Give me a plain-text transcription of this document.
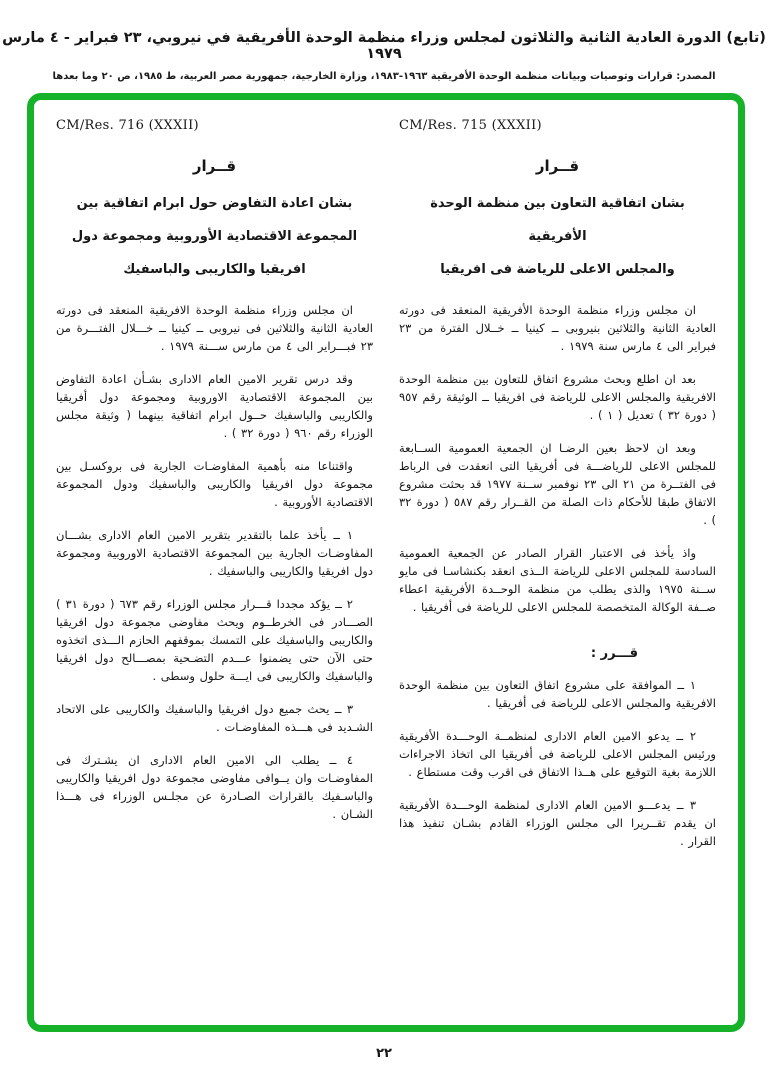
(تابع) الدورة العادية الثانية والثلاثون لمجلس وزراء منظمة الوحدة الأفريقية في نيروبي، ٢٣ فبراير - ٤ مارس ١٩٧٩
المصدر: قرارات وتوصيات وبيانات منظمة الوحدة الأفريقية ١٩٦٣-١٩٨٣، وزارة الخارجية، جمهورية مصر العربية، ط ١٩٨٥، ص ٢٠ وما بعدها
CM/Res. 715 (XXXII)
قــرار
بشان اتفاقية التعاون بين منظمة الوحدة الأفريقية
والمجلس الاعلى للرياضة فى افريقيا
ان مجلس وزراء منظمة الوحدة الأفريقية المنعقد فى دورته العادية الثانية والثلاثين بنيروبى ــ كينيا ــ خــلال الفترة من ٢٣ فبراير الى ٤ مارس سنة ١٩٧٩ .
بعد ان اطلع وبحث مشروع اتفاق للتعاون بين منظمة الوحدة الافريقية والمجلس الاعلى للرياضة فى افريقيا ــ الوثيقة رقم ٩٥٧ ( دورة ٣٢ ) تعديل ( ١ ) .
وبعد ان لاحظ بعين الرضـا ان الجمعية العمومية الســابعة للمجلس الاعلى للرياضـــة فى أفريقيا التى انعقدت فى الرباط فى الفتــرة من ٢١ الى ٢٣ نوفمبر ســنة ١٩٧٧ قد بحثت مشروع الاتفاق طبقا للأحكام ذات الصلة من القــرار رقم ٥٨٧ ( دورة ٣٢ ) .
واذ يأخذ فى الاعتبار القرار الصادر عن الجمعية العمومية السادسة للمجلس الاعلى للرياضة الــذى انعقد بكنشاسـا فى مايو ســنة ١٩٧٥ والذى يطلب من منظمة الوحــدة الأفريقية اعطاء صــفة الوكالة المتخصصة للمجلس الاعلى للرياضة فى أفريقيا .
قـــرر :
١ ــ الموافقة على مشروع اتفاق التعاون بين منظمة الوحدة الافريقية والمجلس الاعلى للرياضة فى أفريقيا .
٢ ــ يدعو الامين العام الادارى لمنظمــة الوحـــدة الأفريقية ورئيس المجلس الاعلى للرياضة فى أفريقيا الى اتخاذ الاجراءات اللازمة بغية التوقيع على هــذا الاتفاق فى اقرب وقت مستطاع .
٣ ــ يدعـــو الامين العام الادارى لمنظمة الوحـــدة الأفريقية ان يقدم تقــريرا الى مجلس الوزراء القادم بشـان تنفيذ هذا القرار .
CM/Res. 716 (XXXII)
قــرار
بشان اعادة التفاوض حول ابرام اتفاقية بين
المجموعة الاقتصادية الأوروبية ومجموعة دول
افريقيا والكاريبى والباسفيك
ان مجلس وزراء منظمة الوحدة الافريقية المنعقد فى دورته العادية الثانية والثلاثين فى نيروبى ــ كينيا ــ خـــلال الفتـــرة من ٢٣ فبـــراير الى ٤ من مارس ســـنة ١٩٧٩ .
وقد درس تقرير الامين العام الادارى بشـأن اعادة التفاوض بين المجموعة الاقتصادية الاوروبية ومجموعة دول أفريقيا والكاريبى والباسفيك حــول ابرام اتفاقية بينهما ( وثيقة مجلس الوزراء رقم ٩٦٠ ( دورة ٣٢ ) .
واقتناعا منه بأهمية المفاوضـات الجارية فى بروكسـل بين مجموعة دول افريقيا والكاريبى والباسفيك ودول المجموعة الاقتصادية الأوروبية .
١ ــ يأخذ علما بالتقدير بتقرير الامين العام الادارى بشـــان المفاوضـات الجارية بين المجموعة الاقتصادية الاوروبية ومجموعة دول افريقيا والكاريبى والباسفيك .
٢ ــ يؤكد مجددا قـــرار مجلس الوزراء رقم ٦٧٣ ( دورة ٣١ ) الصـــادر فى الخرطــوم ويحث مفاوضى مجموعة دول افريقيا والكاريبى والباسفيك على التمسك بموقفهم الحازم الـــذى اتخذوه حتى الآن حتى يضمنوا عـــدم التضـحية بمصـــالح دول افريقيا والباسفيك والكاريبى فى ايـــة حلول وسطى .
٣ ــ يحث جميع دول افريقيا والباسفيك والكاريبى على الاتحاد الشـديد فى هـــذه المفاوضـات .
٤ ــ يطلب الى الامين العام الادارى ان يشـترك فى المفاوضـات وان يــوافى مفاوضى مجموعة دول افريقيا والكاريبى والباسـفيك بالقرارات الصـادرة عن مجلـس الوزراء فى هـــذا الشـان .
٢٢
